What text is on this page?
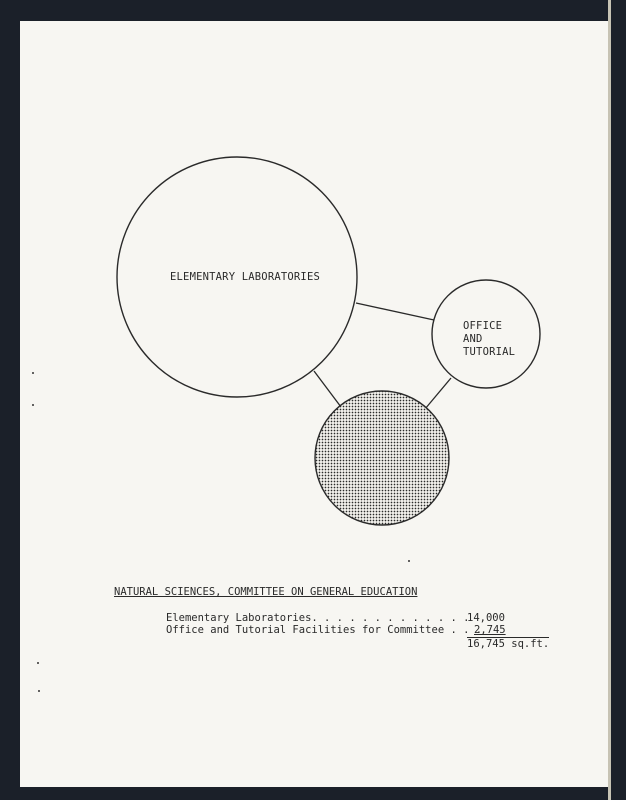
ELEMENTARY LABORATORIES
OFFICE
AND
TUTORIAL
NATURAL SCIENCES, COMMITTEE ON GENERAL EDUCATION
Elementary Laboratories. . . . . . . . . . . . .
14,000
Office and Tutorial Facilities for Committee . . .
2,745
16,745 sq.ft.
